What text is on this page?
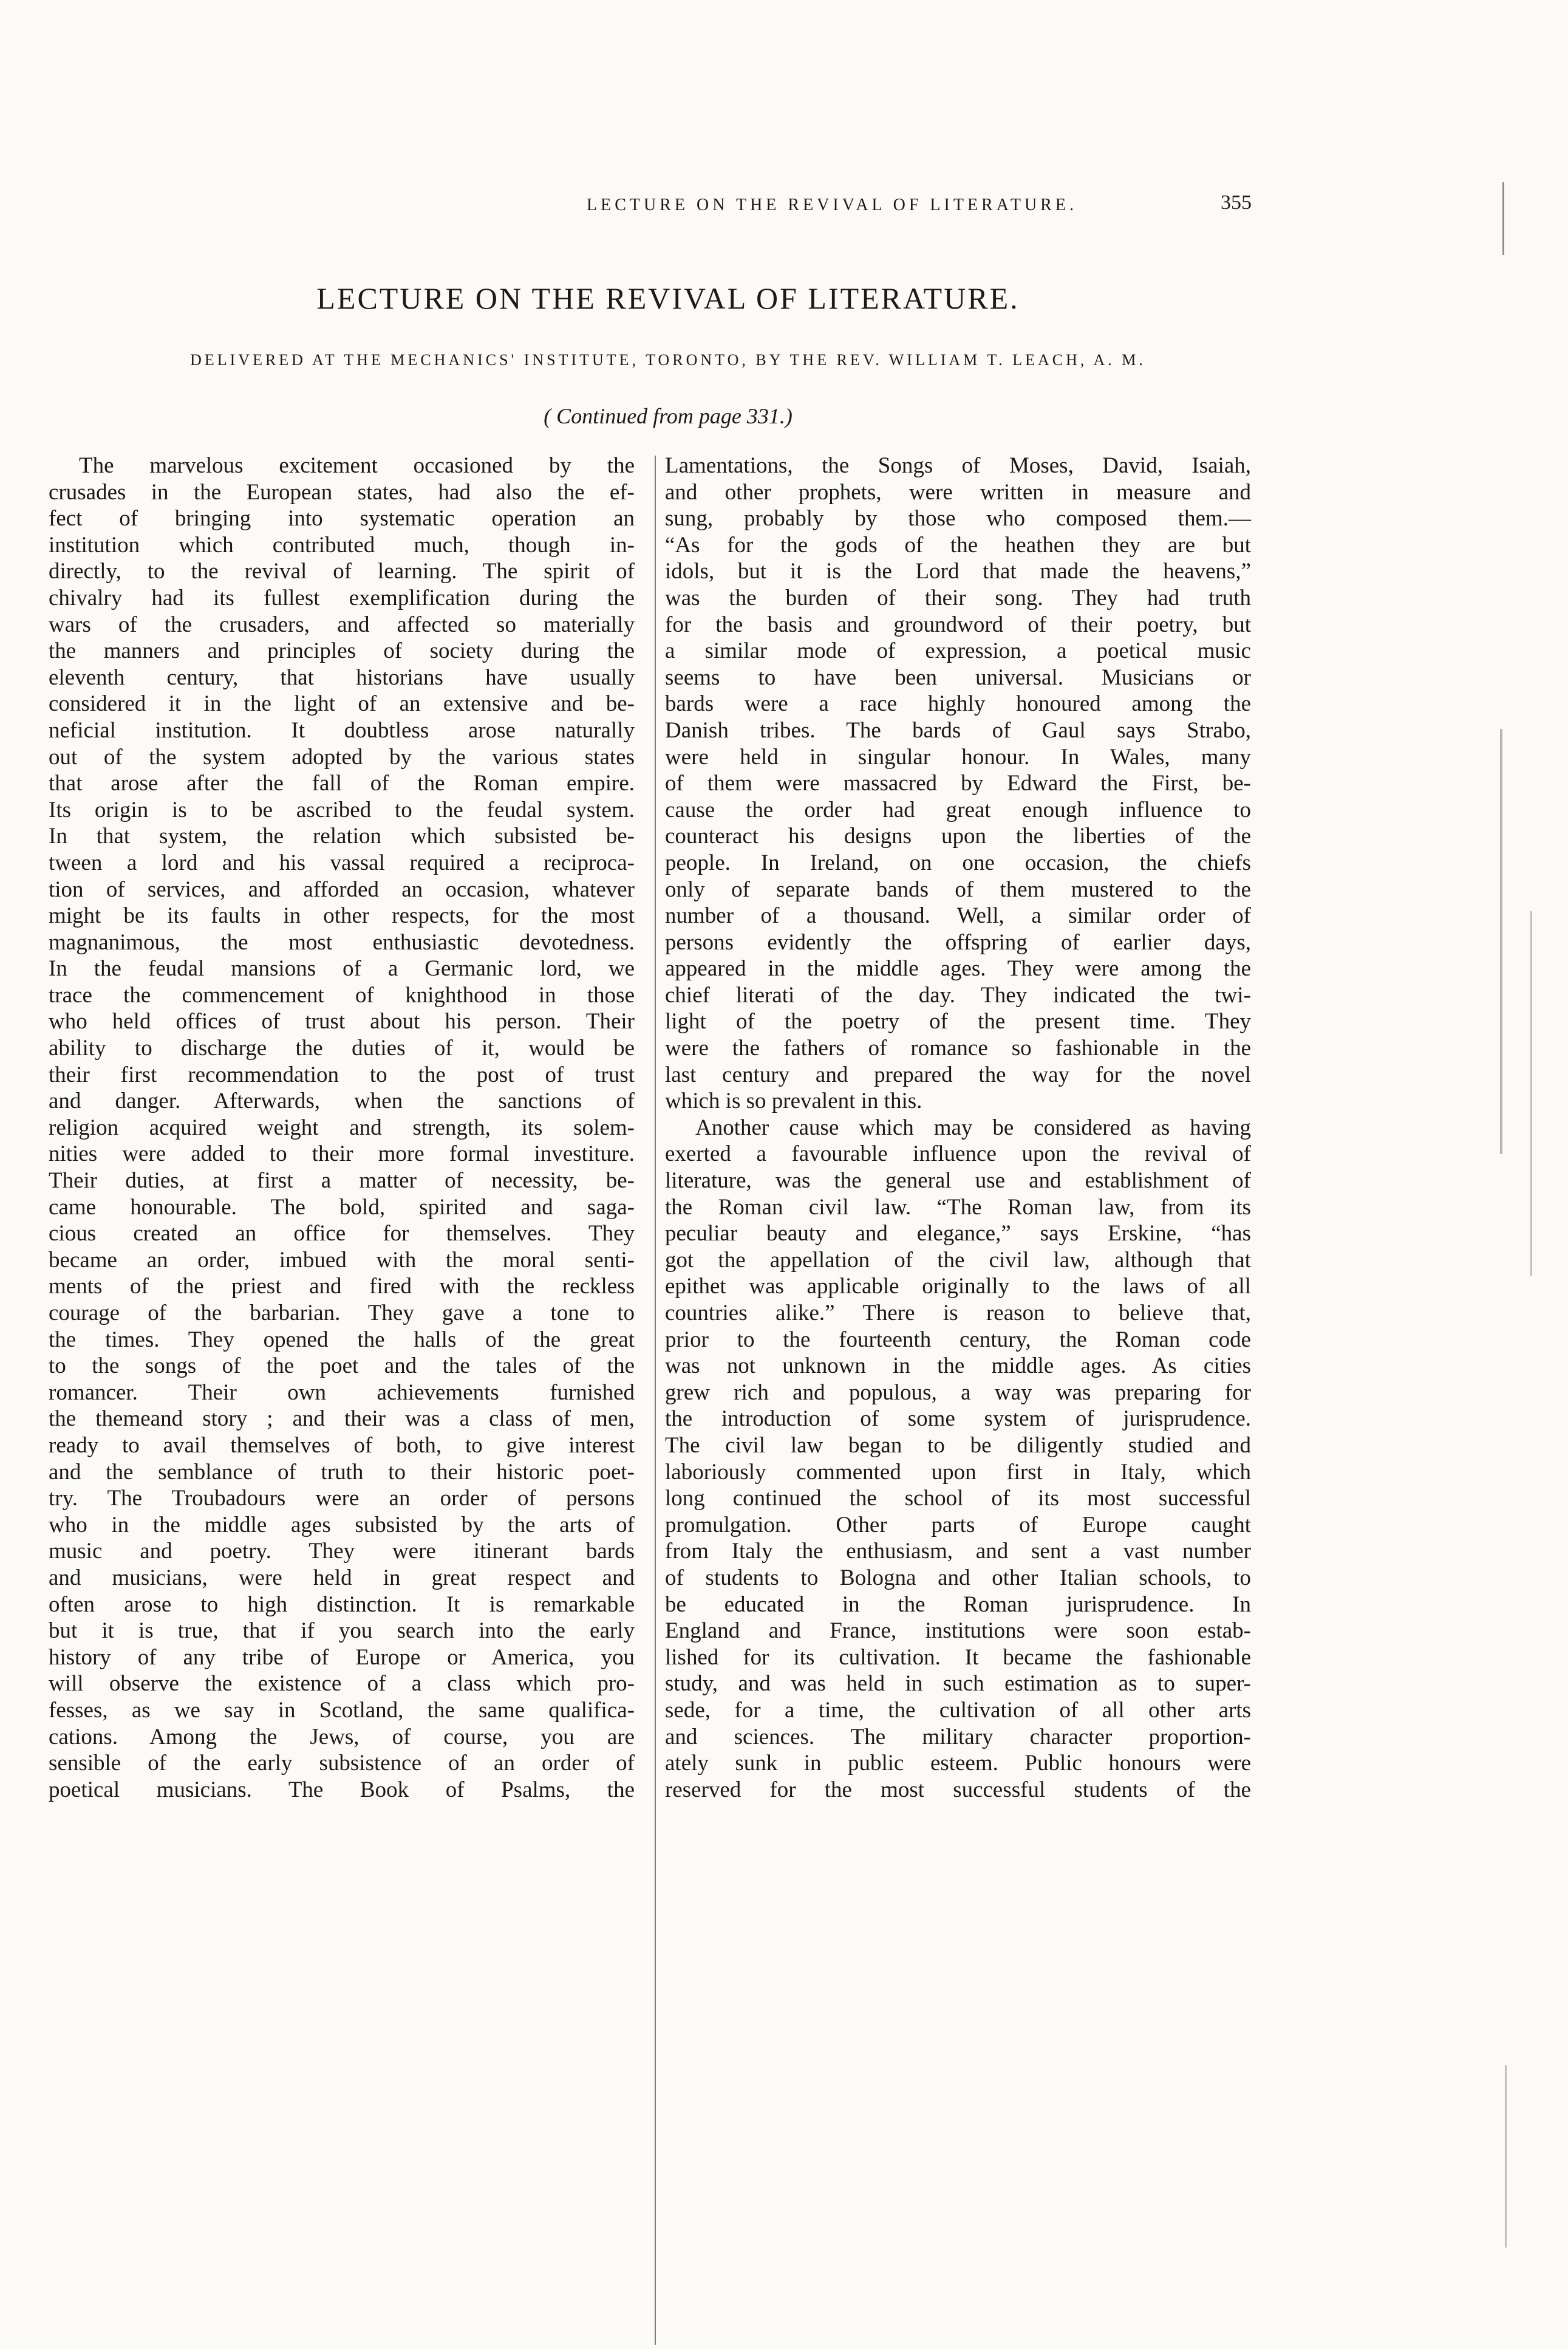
LECTURE ON THE REVIVAL OF LITERATURE.	355
LECTURE ON THE REVIVAL OF LITERATURE.
DELIVERED AT THE MECHANICS' INSTITUTE, TORONTO, BY THE REV. WILLIAM T. LEACH, A. M.
( Continued from page 331.)
The marvelous excitement occasioned by the
crusades in the European states, had also the ef-
fect of bringing into systematic operation an
institution which contributed much, though in-
directly, to the revival of learning. The spirit of
chivalry had its fullest exemplification during the
wars of the crusaders, and affected so materially
the manners and principles of society during the
eleventh century, that historians have usually
considered it in the light of an extensive and be-
neficial institution. It doubtless arose naturally
out of the system adopted by the various states
that arose after the fall of the Roman empire.
Its origin is to be ascribed to the feudal system.
In that system, the relation which subsisted be-
tween a lord and his vassal required a reciproca-
tion of services, and afforded an occasion, whatever
might be its faults in other respects, for the most
magnanimous, the most enthusiastic devotedness.
In the feudal mansions of a Germanic lord, we
trace the commencement of knighthood in those
who held offices of trust about his person. Their
ability to discharge the duties of it, would be
their first recommendation to the post of trust
and danger. Afterwards, when the sanctions of
religion acquired weight and strength, its solem-
nities were added to their more formal investiture.
Their duties, at first a matter of necessity, be-
came honourable. The bold, spirited and saga-
cious created an office for themselves. They
became an order, imbued with the moral senti-
ments of the priest and fired with the reckless
courage of the barbarian. They gave a tone to
the times. They opened the halls of the great
to the songs of the poet and the tales of the
romancer. Their own achievements furnished
the themeand story ; and their was a class of men,
ready to avail themselves of both, to give interest
and the semblance of truth to their historic poet-
try. The Troubadours were an order of persons
who in the middle ages subsisted by the arts of
music and poetry. They were itinerant bards
and musicians, were held in great respect and
often arose to high distinction. It is remarkable
but it is true, that if you search into the early
history of any tribe of Europe or America, you
will observe the existence of a class which pro-
fesses, as we say in Scotland, the same qualifica-
cations. Among the Jews, of course, you are
sensible of the early subsistence of an order of
poetical musicians. The Book of Psalms, the
Lamentations, the Songs of Moses, David, Isaiah,
and other prophets, were written in measure and
sung, probably by those who composed them.—
“As for the gods of the heathen they are but
idols, but it is the Lord that made the heavens,”
was the burden of their song. They had truth
for the basis and groundword of their poetry, but
a similar mode of expression, a poetical music
seems to have been universal. Musicians or
bards were a race highly honoured among the
Danish tribes. The bards of Gaul says Strabo,
were held in singular honour. In Wales, many
of them were massacred by Edward the First, be-
cause the order had great enough influence to
counteract his designs upon the liberties of the
people. In Ireland, on one occasion, the chiefs
only of separate bands of them mustered to the
number of a thousand. Well, a similar order of
persons evidently the offspring of earlier days,
appeared in the middle ages. They were among the
chief literati of the day. They indicated the twi-
light of the poetry of the present time. They
were the fathers of romance so fashionable in the
last century and prepared the way for the novel
which is so prevalent in this.
Another cause which may be considered as having
exerted a favourable influence upon the revival of
literature, was the general use and establishment of
the Roman civil law. “The Roman law, from its
peculiar beauty and elegance,” says Erskine, “has
got the appellation of the civil law, although that
epithet was applicable originally to the laws of all
countries alike.” There is reason to believe that,
prior to the fourteenth century, the Roman code
was not unknown in the middle ages. As cities
grew rich and populous, a way was preparing for
the introduction of some system of jurisprudence.
The civil law began to be diligently studied and
laboriously commented upon first in Italy, which
long continued the school of its most successful
promulgation. Other parts of Europe caught
from Italy the enthusiasm, and sent a vast number
of students to Bologna and other Italian schools, to
be educated in the Roman jurisprudence. In
England and France, institutions were soon estab-
lished for its cultivation. It became the fashionable
study, and was held in such estimation as to super-
sede, for a time, the cultivation of all other arts
and sciences. The military character proportion-
ately sunk in public esteem. Public honours were
reserved for the most successful students of the
